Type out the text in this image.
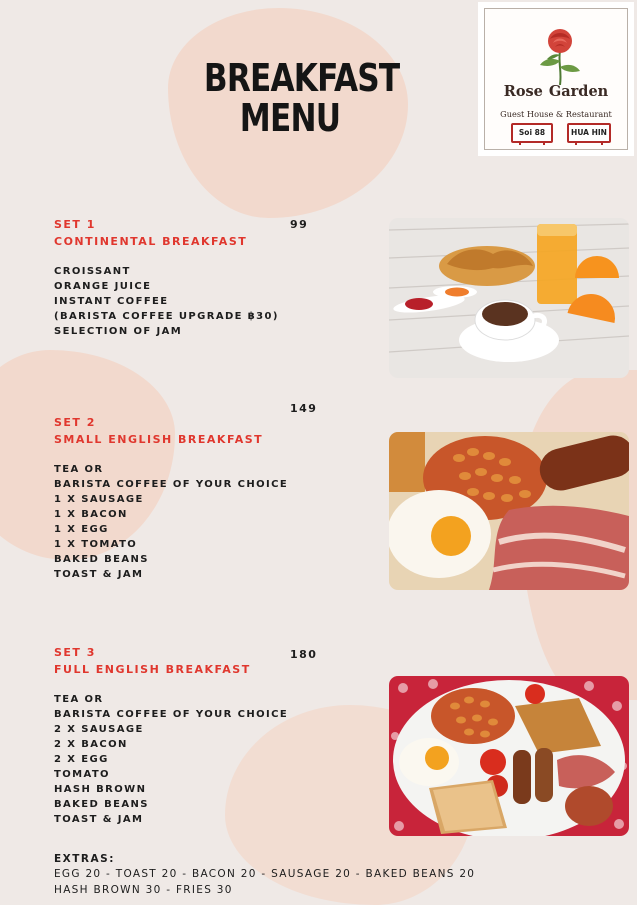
BREAKFAST
MENU
Rose Garden
Guest House & Restaurant
Soi 88	HUA HIN
SET 1
CONTINENTAL BREAKFAST
CROISSANT
ORANGE JUICE
INSTANT COFFEE
(BARISTA COFFEE UPGRADE ฿30)
SELECTION OF JAM
99
149
SET 2
SMALL ENGLISH BREAKFAST
TEA OR
BARISTA COFFEE OF YOUR CHOICE
1 X SAUSAGE
1 X BACON
1 X EGG
1 X TOMATO
BAKED BEANS
TOAST & JAM
180
SET 3
FULL ENGLISH BREAKFAST
TEA OR
BARISTA COFFEE OF YOUR CHOICE
2 X SAUSAGE
2 X BACON
2 X EGG
TOMATO
HASH BROWN
BAKED BEANS
TOAST & JAM
EXTRAS:
EGG 20 - TOAST 20 - BACON 20 - SAUSAGE 20 - BAKED BEANS 20
HASH BROWN 30 - FRIES 30
